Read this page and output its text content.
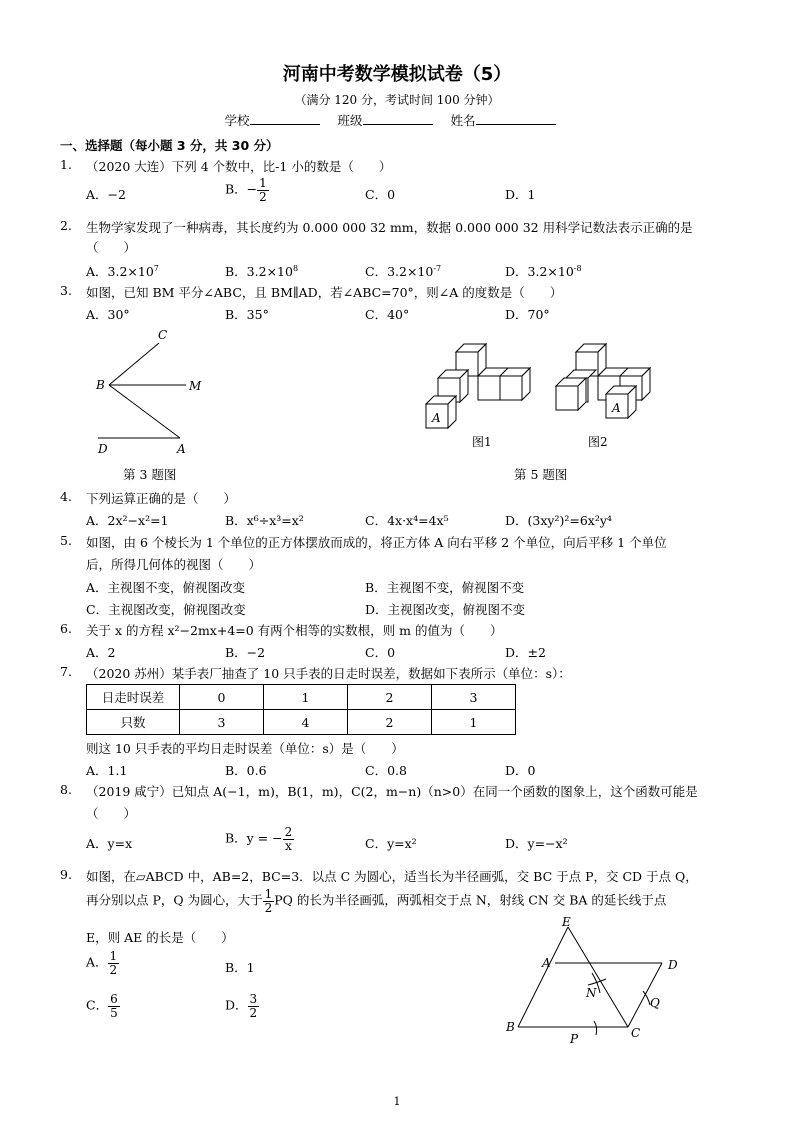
河南中考数学模拟试卷（5）
（满分 120 分，考试时间 100 分钟）
学校	班级	姓名
一、选择题（每小题 3 分，共 30 分）
1. （2020 大连）下列 4 个数中，比-1 小的数是（　　）
A．−2	B．− $\frac{1}{2}$	C．0	D．1
2. 生物学家发现了一种病毒，其长度约为 0.000 000 32 mm，数据 0.000 000 32 用科学记数法表示正确的是
（　　）
A．$3.2\times 10^7$	B．$3.2\times 10^8$	C．$3.2\times 10^{-7}$	D．$3.2\times 10^{-8}$
3. 如图，已知 BM 平分∠ABC，且 BM∥AD，若∠ABC=70°，则∠A 的度数是（　　）
A．30°	B．35°	C．40°	D．70°
C
B	M
D	A
第 3 题图
A
A
图1	图2
第 5 题图
4. 下列运算正确的是（　　）
A．2x²−x²=1	B．x⁶÷x³=x²	C．4x·x⁴=4x⁵	D．(3xy²)²=6x²y⁴
5. 如图，由 6 个棱长为 1 个单位的正方体摆放而成的，将正方体 A 向右平移 2 个单位，向后平移 1 个单位
后，所得几何体的视图（　　）
A．主视图不变，俯视图改变	B．主视图不变，俯视图不变
C．主视图改变，俯视图改变	D．主视图改变，俯视图不变
6. 关于 x 的方程 x²−2mx+4=0 有两个相等的实数根，则 m 的值为（　　）
A．2	B．−2	C．0	D．±2
7. （2020 苏州）某手表厂抽查了 10 只手表的日走时误差，数据如下表所示（单位：s）：
日走时误差	0	1	2	3
只数	3	4	2	1
则这 10 只手表的平均日走时误差（单位：s）是（　　）
A．1.1	B．0.6	C．0.8	D．0
8. （2019 咸宁）已知点 A(−1，m)，B(1，m)，C(2，m−n)（n>0）在同一个函数的图象上，这个函数可能是
（　　）
A．y=x	B．y = − $\frac{2}{x}$	C．y=x²	D．y=−x²
9. 如图，在▱ABCD 中，AB=2，BC=3．以点 C 为圆心，适当长为半径画弧，交 BC 于点 P，交 CD 于点 Q，
再分别以点 P，Q 为圆心，大于 $\frac{1}{2}$ PQ 的长为半径画弧，两弧相交于点 N，射线 CN 交 BA 的延长线于点
E，则 AE 的长是（　　）
A． $\frac{1}{2}$	B．1
C． $\frac{6}{5}$	D． $\frac{3}{2}$
E
A	D
N
Q
B
P	C
1
